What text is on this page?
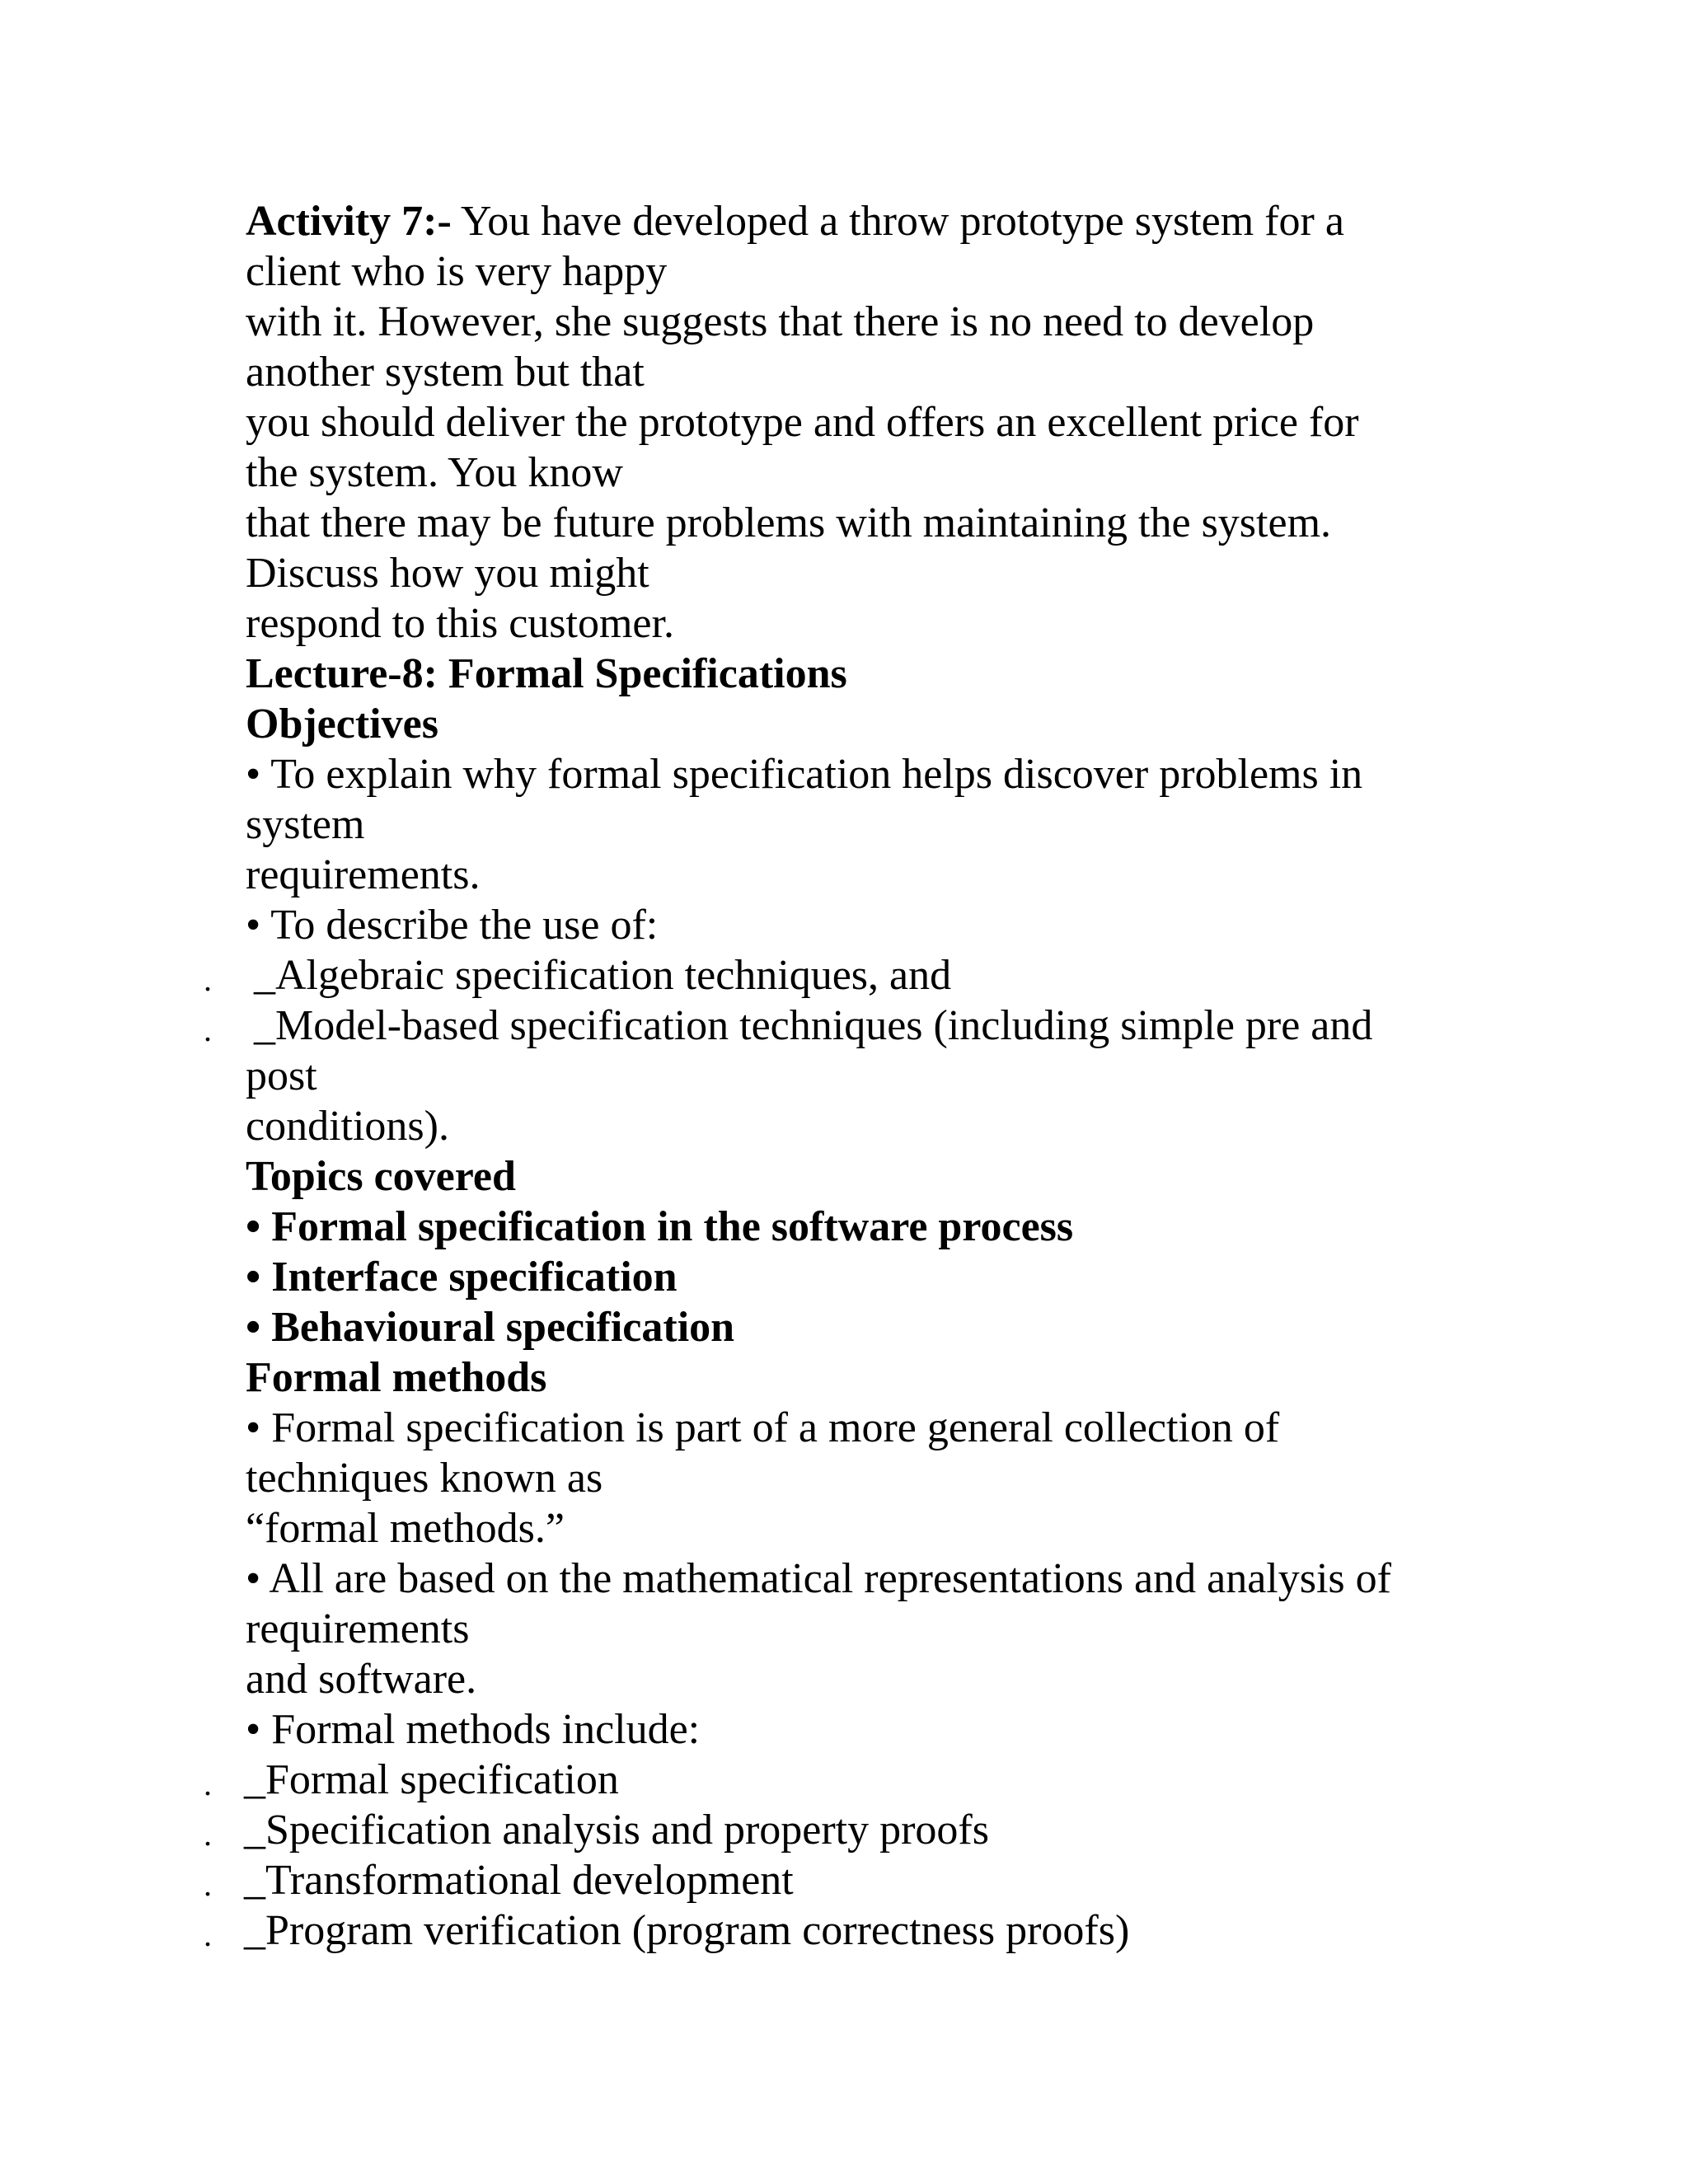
Activity 7:- You have developed a throw prototype system for a
client who is very happy
with it. However, she suggests that there is no need to develop
another system but that
you should deliver the prototype and offers an excellent price for
the system. You know
that there may be future problems with maintaining the system.
Discuss how you might
respond to this customer.
Lecture-8: Formal Specifications
Objectives
• To explain why formal specification helps discover problems in
system
requirements.
• To describe the use of:
. _Algebraic specification techniques, and
. _Model-based specification techniques (including simple pre and
post
conditions).
Topics covered
• Formal specification in the software process
• Interface specification
• Behavioural specification
Formal methods
• Formal specification is part of a more general collection of
techniques known as
“formal methods.”
• All are based on the mathematical representations and analysis of
requirements
and software.
• Formal methods include:
. _Formal specification
. _Specification analysis and property proofs
. _Transformational development
. _Program verification (program correctness proofs)
